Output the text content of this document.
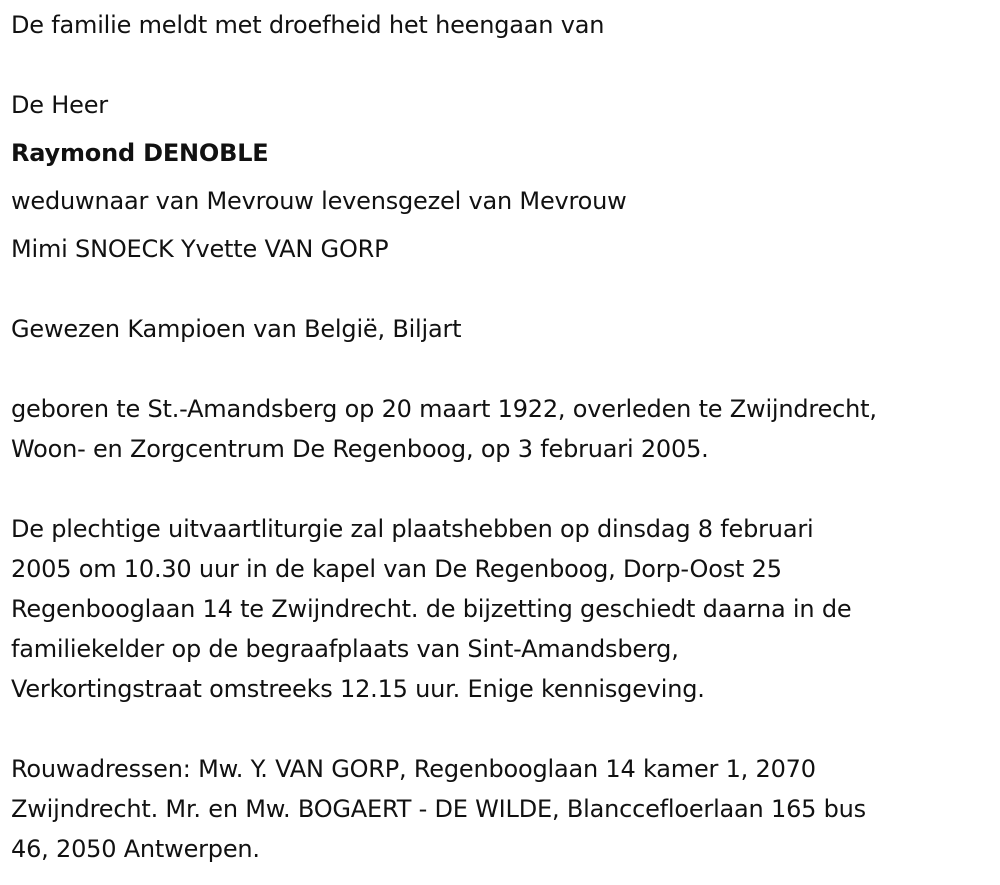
De familie meldt met droefheid het heengaan van
De Heer
Raymond DENOBLE
weduwnaar van Mevrouw levensgezel van Mevrouw
Mimi SNOECK Yvette VAN GORP
Gewezen Kampioen van België, Biljart
geboren te St.-Amandsberg op 20 maart 1922, overleden te Zwijndrecht,
Woon- en Zorgcentrum De Regenboog, op 3 februari 2005.
De plechtige uitvaartliturgie zal plaatshebben op dinsdag 8 februari
2005 om 10.30 uur in de kapel van De Regenboog, Dorp-Oost 25
Regenbooglaan 14 te Zwijndrecht. de bijzetting geschiedt daarna in de
familiekelder op de begraafplaats van Sint-Amandsberg,
Verkortingstraat omstreeks 12.15 uur. Enige kennisgeving.
Rouwadressen: Mw. Y. VAN GORP, Regenbooglaan 14 kamer 1, 2070
Zwijndrecht. Mr. en Mw. BOGAERT - DE WILDE, Blanccefloerlaan 165 bus
46, 2050 Antwerpen.
